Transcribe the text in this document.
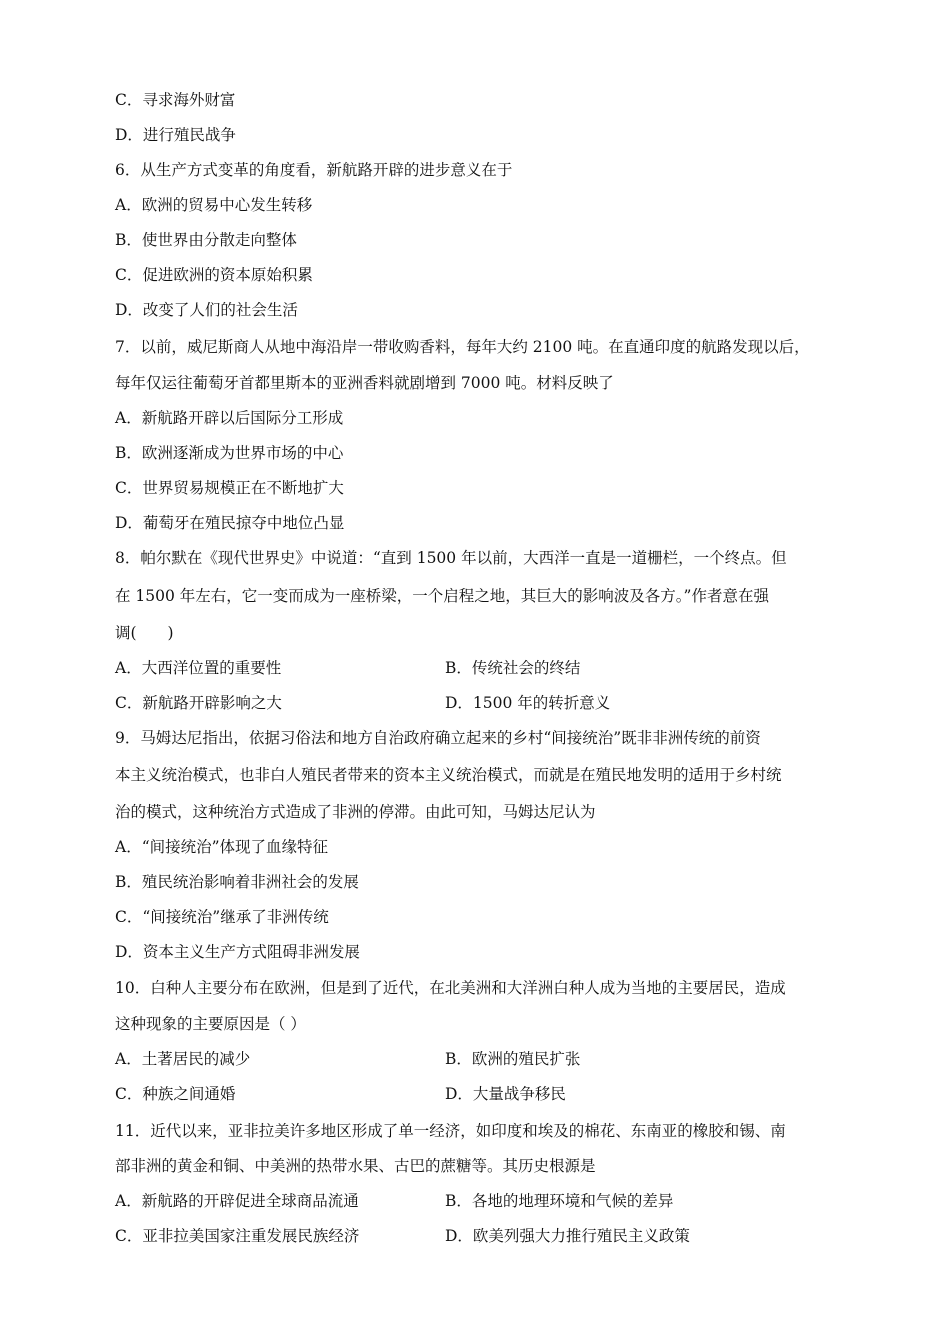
C．寻求海外财富
D．进行殖民战争
6．从生产方式变革的角度看，新航路开辟的进步意义在于
A．欧洲的贸易中心发生转移
B．使世界由分散走向整体
C．促进欧洲的资本原始积累
D．改变了人们的社会生活
7．以前，威尼斯商人从地中海沿岸一带收购香料，每年大约 2100 吨。在直通印度的航路发现以后，
每年仅运往葡萄牙首都里斯本的亚洲香料就剧增到 7000 吨。材料反映了
A．新航路开辟以后国际分工形成
B．欧洲逐渐成为世界市场的中心
C．世界贸易规模正在不断地扩大
D．葡萄牙在殖民掠夺中地位凸显
8．帕尔默在《现代世界史》中说道：“直到 1500 年以前，大西洋一直是一道栅栏，一个终点。但
在 1500 年左右，它一变而成为一座桥梁，一个启程之地，其巨大的影响波及各方。”作者意在强
调(　　)
A．大西洋位置的重要性	B．传统社会的终结
C．新航路开辟影响之大	D．1500 年的转折意义
9．马姆达尼指出，依据习俗法和地方自治政府确立起来的乡村“间接统治”既非非洲传统的前资
本主义统治模式，也非白人殖民者带来的资本主义统治模式，而就是在殖民地发明的适用于乡村统
治的模式，这种统治方式造成了非洲的停滞。由此可知，马姆达尼认为
A．“间接统治”体现了血缘特征
B．殖民统治影响着非洲社会的发展
C．“间接统治”继承了非洲传统
D．资本主义生产方式阻碍非洲发展
10．白种人主要分布在欧洲，但是到了近代，在北美洲和大洋洲白种人成为当地的主要居民，造成
这种现象的主要原因是（ ）
A．土著居民的减少	B．欧洲的殖民扩张
C．种族之间通婚	D．大量战争移民
11．近代以来，亚非拉美许多地区形成了单一经济，如印度和埃及的棉花、东南亚的橡胶和锡、南
部非洲的黄金和铜、中美洲的热带水果、古巴的蔗糖等。其历史根源是
A．新航路的开辟促进全球商品流通	B．各地的地理环境和气候的差异
C．亚非拉美国家注重发展民族经济	D．欧美列强大力推行殖民主义政策
